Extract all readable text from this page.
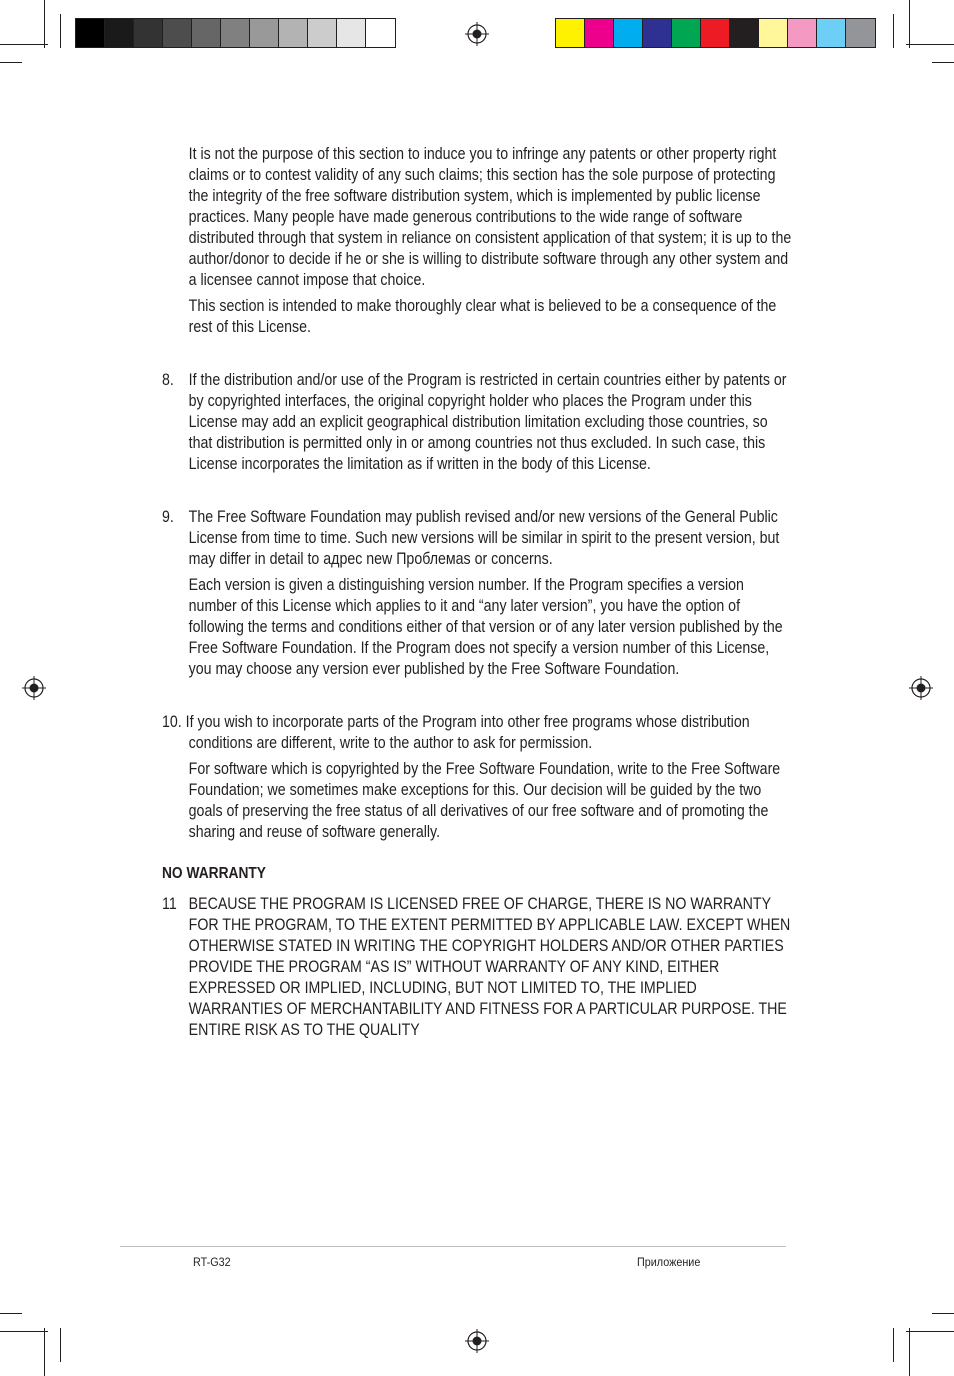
It is not the purpose of this section to induce you to infringe any patents or other property right claims or to contest validity of any such claims; this section has the sole purpose of protecting the integrity of the free software distribution system, which is implemented by public license practices. Many people have made generous contributions to the wide range of software distributed through that system in reliance on consistent application of that system; it is up to the author/donor to decide if he or she is willing to distribute software through any other system and a licensee cannot impose that choice.

This section is intended to make thoroughly clear what is believed to be a consequence of the rest of this License.

8. If the distribution and/or use of the Program is restricted in certain countries either by patents or by copyrighted interfaces, the original copyright holder who places the Program under this License may add an explicit geographical distribution limitation excluding those countries, so that distribution is permitted only in or among countries not thus excluded. In such case, this License incorporates the limitation as if written in the body of this License.

9. The Free Software Foundation may publish revised and/or new versions of the General Public License from time to time. Such new versions will be similar in spirit to the present version, but may differ in detail to адрес new Проблемas or concerns.

Each version is given a distinguishing version number. If the Program specifies a version number of this License which applies to it and “any later version”, you have the option of following the terms and conditions either of that version or of any later version published by the Free Software Foundation. If the Program does not specify a version number of this License, you may choose any version ever published by the Free Software Foundation.

10. If you wish to incorporate parts of the Program into other free programs whose distribution conditions are different, write to the author to ask for permission.

For software which is copyrighted by the Free Software Foundation, write to the Free Software Foundation; we sometimes make exceptions for this. Our decision will be guided by the two goals of preserving the free status of all derivatives of our free software and of promoting the sharing and reuse of software generally.

NO WARRANTY

11 BECAUSE THE PROGRAM IS LICENSED FREE OF CHARGE, THERE IS NO WARRANTY FOR THE PROGRAM, TO THE EXTENT PERMITTED BY APPLICABLE LAW. EXCEPT WHEN OTHERWISE STATED IN WRITING THE COPYRIGHT HOLDERS AND/OR OTHER PARTIES PROVIDE THE PROGRAM “AS IS” WITHOUT WARRANTY OF ANY KIND, EITHER EXPRESSED OR IMPLIED, INCLUDING, BUT NOT LIMITED TO, THE IMPLIED WARRANTIES OF MERCHANTABILITY AND FITNESS FOR A PARTICULAR PURPOSE. THE ENTIRE RISK AS TO THE QUALITY

RT-G32	Приложение
